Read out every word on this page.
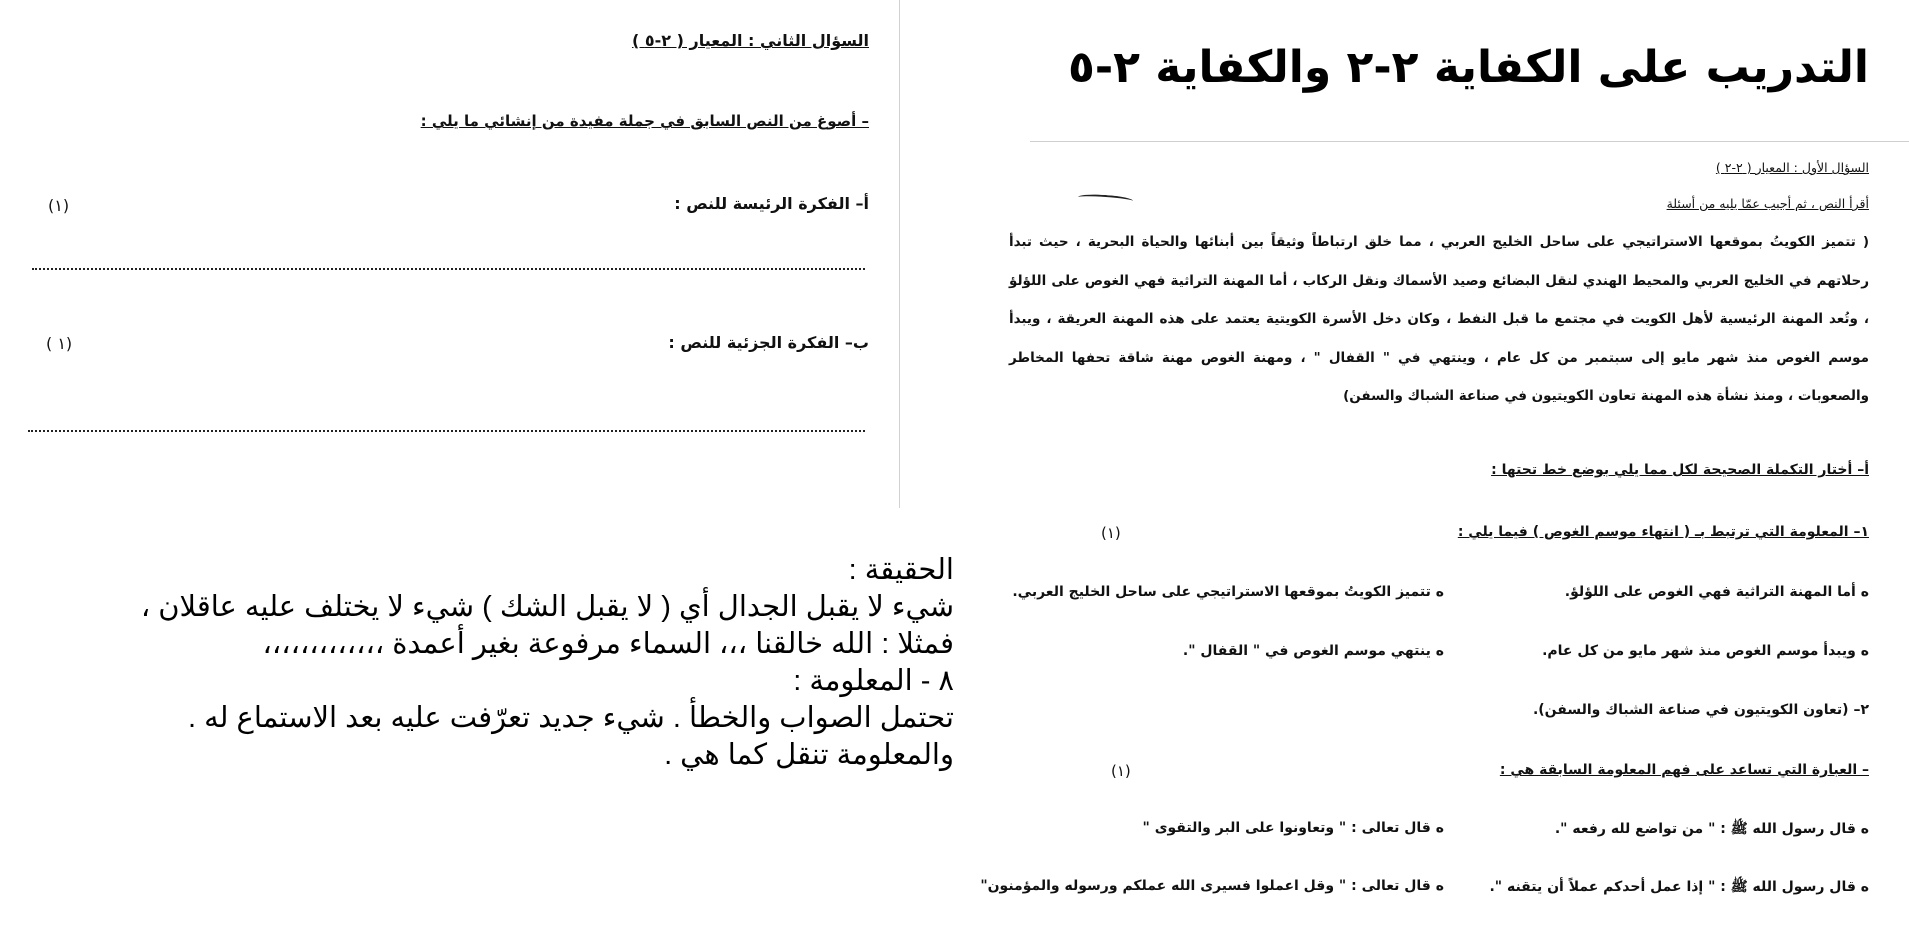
السؤال الثاني : المعيار ( ٢-٥ )
– أصوغ من النص السابق في جملة مفيدة من إنشائي ما يلي :
أ– الفكرة الرئيسة للنص :
(١)
ب– الفكرة الجزئية للنص :
( ١)
الحقيقة :
شيء لا يقبل الجدال أي ( لا يقبل الشك ) شيء لا يختلف عليه عاقلان ،
فمثلا : الله خالقنا ،،، السماء مرفوعة بغير أعمدة ،،،،،،،،،،،،،
٨ - المعلومة :
تحتمل الصواب والخطأ . شيء جديد تعرّفت عليه بعد الاستماع له .
والمعلومة تنقل كما هي .
التدريب على الكفاية ٢-٢ والكفاية ٢-٥
السؤال الأول : المعيار ( ٢-٢ )
أقرأ النص ، ثم أجيب عمّا يليه من أسئلة
( تتميز الكويتُ بموقعها الاستراتيجي على ساحل الخليج العربي ، مما خلق ارتباطاً وثيقاً بين أبنائها والحياة البحرية ، حيث تبدأ رحلاتهم في الخليج العربي والمحيط الهندي لنقل البضائع وصيد الأسماك ونقل الركاب ، أما المهنة التراثية فهي الغوص على اللؤلؤ ، وتُعد المهنة الرئيسية لأهل الكويت في مجتمع ما قبل النفط ، وكان دخل الأسرة الكويتية يعتمد على هذه المهنة العريقة ، ويبدأ موسم الغوص منذ شهر مايو إلى سبتمبر من كل عام ، وينتهي في " القفال " ، ومهنة الغوص مهنة شاقة تحفها المخاطر والصعوبات ، ومنذ نشأة هذه المهنة تعاون الكويتيون في صناعة الشباك والسفن)
أ– أختار التكملة الصحيحة لكل مما يلي بوضع خط تحتها :
١– المعلومة التي ترتبط بـ ( انتهاء موسم الغوص ) فيما يلي :
(١)
ه أما المهنة التراثية فهي الغوص على اللؤلؤ.
ه تتميز الكويتُ بموقعها الاستراتيجي على ساحل الخليج العربي.
ه ويبدأ موسم الغوص منذ شهر مايو من كل عام.
ه ينتهي موسم الغوص في " القفال ".
٢– (تعاون الكويتيون في صناعة الشباك والسفن).
– العبارة التي تساعد على فهم المعلومة السابقة هي :
(١)
ه قال رسول الله ﷺ : " من تواضع لله رفعه ".
ه قال تعالى : " وتعاونوا على البر والتقوى "
ه قال رسول الله ﷺ : " إذا عمل أحدكم عملاً أن يتقنه ".
ه قال تعالى : " وقل اعملوا فسيرى الله عملكم ورسوله والمؤمنون"
